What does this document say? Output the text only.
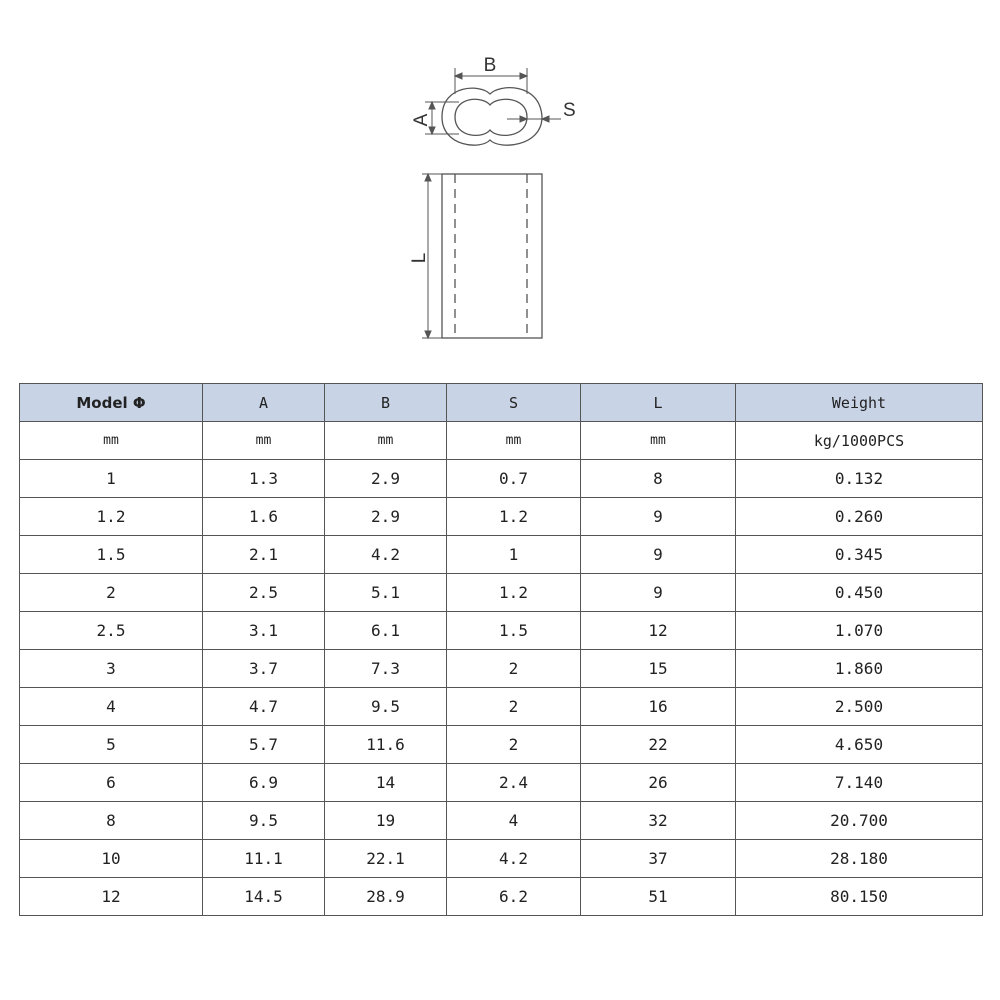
B
A	S
L
Model Φ	A	B	S	L	Weight
mm	mm	mm	mm	mm	kg/1000PCS
1	1.3	2.9	0.7	8	0.132
1.2	1.6	2.9	1.2	9	0.260
1.5	2.1	4.2	1	9	0.345
2	2.5	5.1	1.2	9	0.450
2.5	3.1	6.1	1.5	12	1.070
3	3.7	7.3	2	15	1.860
4	4.7	9.5	2	16	2.500
5	5.7	11.6	2	22	4.650
6	6.9	14	2.4	26	7.140
8	9.5	19	4	32	20.700
10	11.1	22.1	4.2	37	28.180
12	14.5	28.9	6.2	51	80.150
